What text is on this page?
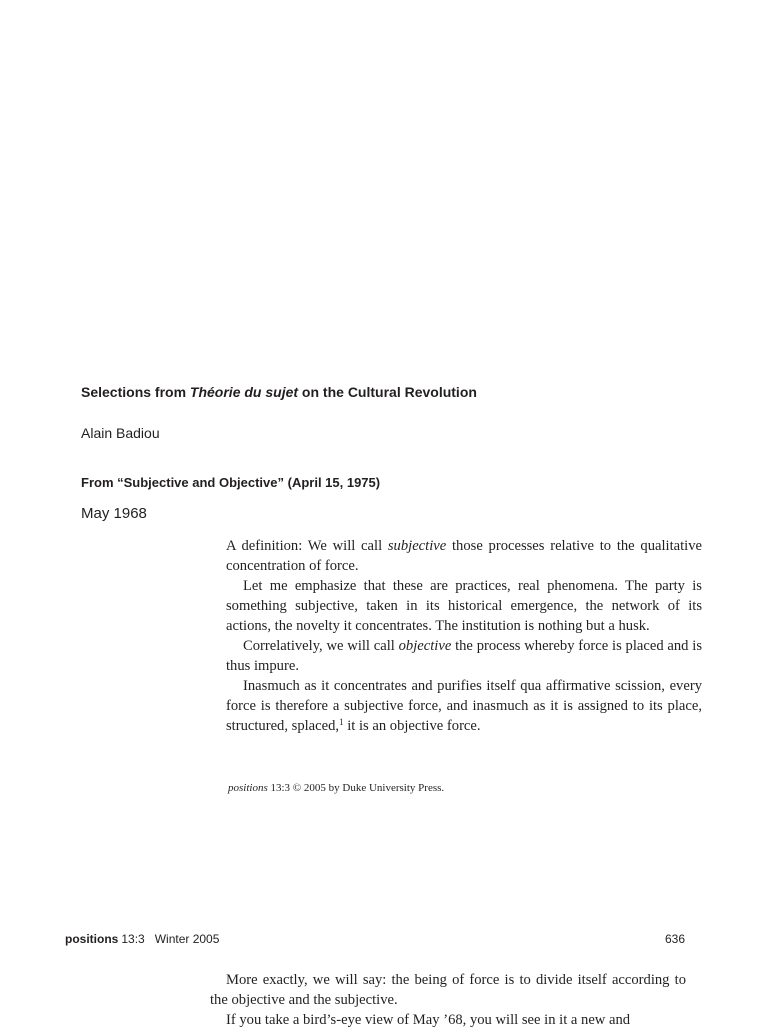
Selections from Théorie du sujet on the Cultural Revolution
Alain Badiou
From “Subjective and Objective” (April 15, 1975)
May 1968

A definition: We will call subjective those processes relative to the qualitative concentration of force.

Let me emphasize that these are practices, real phenomena. The party is something subjective, taken in its historical emergence, the network of its actions, the novelty it concentrates. The institution is nothing but a husk.

Correlatively, we will call objective the process whereby force is placed and is thus impure.

Inasmuch as it concentrates and purifies itself qua affirmative scission, every force is therefore a subjective force, and inasmuch as it is assigned to its place, structured, splaced,$^1$ it is an objective force.

positions 13:3 © 2005 by Duke University Press.
positions 13:3 Winter 2005	636

More exactly, we will say: the being of force is to divide itself according to the objective and the subjective.

If you take a bird’s-eye view of May ’68, you will see in it a new and
